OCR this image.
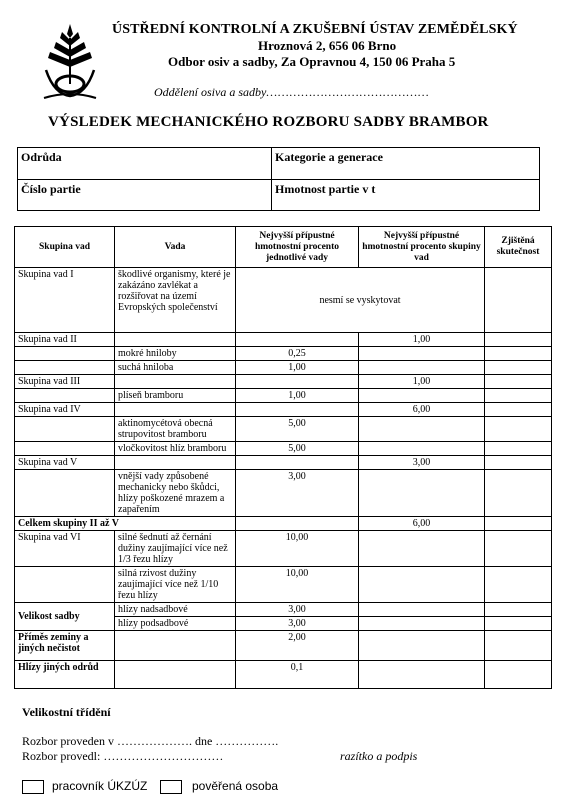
ÚSTŘEDNÍ KONTROLNÍ A ZKUŠEBNÍ ÚSTAV ZEMĚDĚLSKÝ
Hroznová 2, 656 06 Brno
Odbor osiv a sadby, Za Opravnou 4, 150 06 Praha 5
Oddělení osiva a sadby……………………………………
VÝSLEDEK MECHANICKÉHO ROZBORU SADBY BRAMBOR
Odrůda	Kategorie a generace
Číslo partie	Hmotnost partie v t
Skupina vad	Vada	Nejvyšší přípustné hmotnostní procento jednotlivé vady	Nejvyšší přípustné hmotnostní procento skupiny vad	Zjištěná skutečnost
Skupina vad I	škodlivé organismy, které je zakázáno zavlékat a rozšiřovat na území Evropských společenství	nesmí se vyskytovat		
Skupina vad II			1,00	
	mokré hniloby	0,25		
	suchá hniloba	1,00		
Skupina vad III			1,00	
	plíseň bramboru	1,00		
Skupina vad IV			6,00	
	aktinomycétová obecná strupovitost bramboru	5,00		
	vločkovitost hlíz bramboru	5,00		
Skupina vad V			3,00	
	vnější vady způsobené mechanicky nebo škůdci, hlízy poškozené mrazem a zapařením	3,00		
Celkem skupiny II až V			6,00	
Skupina vad VI	silné šednutí až černání dužiny zaujímající více než 1/3 řezu hlízy	10,00		
	silná rzivost dužiny zaujímající více než 1/10 řezu hlízy	10,00		
Velikost sadby	hlízy nadsadbové	3,00		
	hlízy podsadbové	3,00		
Příměs zeminy a jiných nečistot		2,00		
Hlízy jiných odrůd		0,1		
Velikostní třídění
Rozbor proveden v ………………. dne …………….
Rozbor provedl: …………………………	razítko a podpis
pracovník ÚKZÚZ	pověřená osoba
